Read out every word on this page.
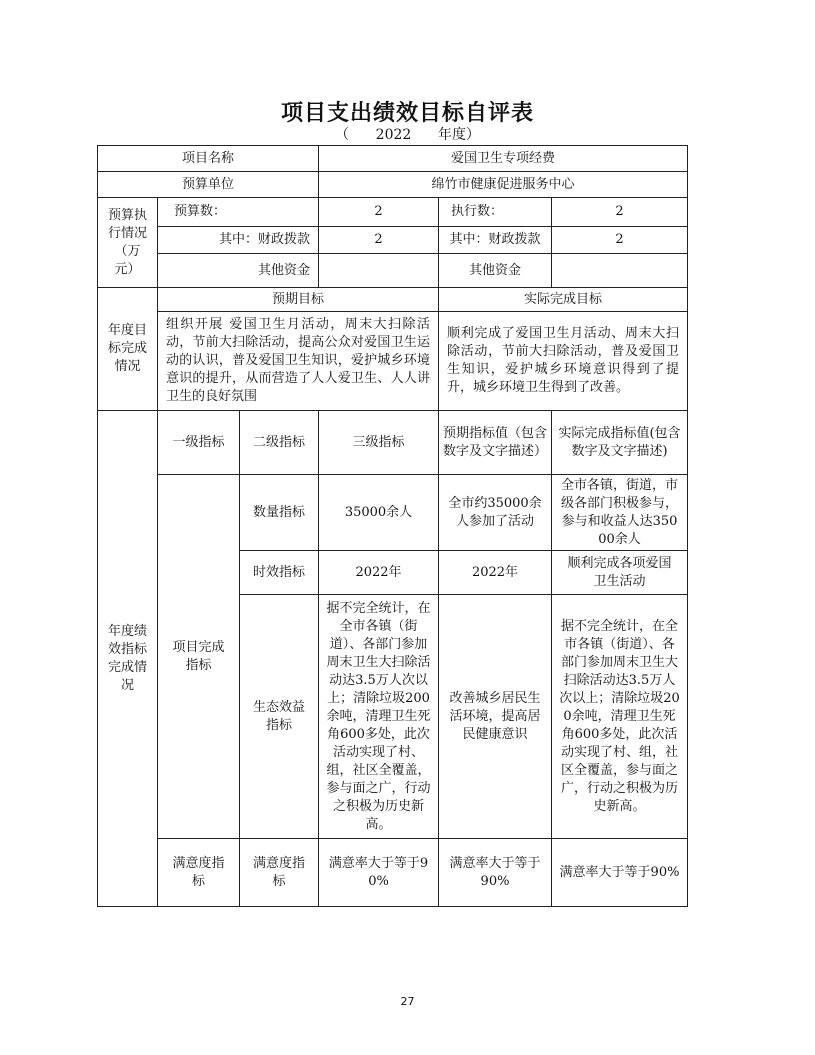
项目支出绩效目标自评表
（      2022      年度）
项目名称			爱国卫生专项经费		
预算单位			绵竹市健康促进服务中心		
预算执行情况（万元）	预算数：		2	执行数：	2
	其中：财政拨款		2	其中：财政拨款	2
	其他资金			其他资金	
年度目标完成情况	预期目标			实际完成目标	
	组织开展 爱国卫生月活动，周末大扫除活动，节前大扫除活动，提高公众对爱国卫生运动的认识，普及爱国卫生知识，爱护城乡环境意识的提升，从而营造了人人爱卫生、人人讲卫生的良好氛围			顺利完成了爱国卫生月活动、周末大扫除活动，节前大扫除活动，普及爱国卫生知识，爱护城乡环境意识得到了提升，城乡环境卫生得到了改善。	
年度绩效指标完成情况	一级指标	二级指标	三级指标	预期指标值（包含数字及文字描述）	实际完成指标值(包含数字及文字描述)
	项目完成指标	数量指标	35000余人	全市约35000余人参加了活动	全市各镇，街道，市级各部门积极参与，参与和收益人达35000余人
		时效指标	2022年	2022年	顺利完成各项爱国卫生活动
		生态效益指标	据不完全统计，在全市各镇（街道）、各部门参加周末卫生大扫除活动达3.5万人次以上；清除垃圾200余吨，清理卫生死角600多处，此次活动实现了村、组，社区全覆盖，参与面之广，行动之积极为历史新高。	改善城乡居民生活环境，提高居民健康意识	据不完全统计，在全市各镇（街道）、各部门参加周末卫生大扫除活动达3.5万人次以上；清除垃圾200余吨，清理卫生死角600多处，此次活动实现了村、组，社区全覆盖，参与面之广，行动之积极为历史新高。
	满意度指标	满意度指标	满意率大于等于90%	满意率大于等于90%	满意率大于等于90%
27
